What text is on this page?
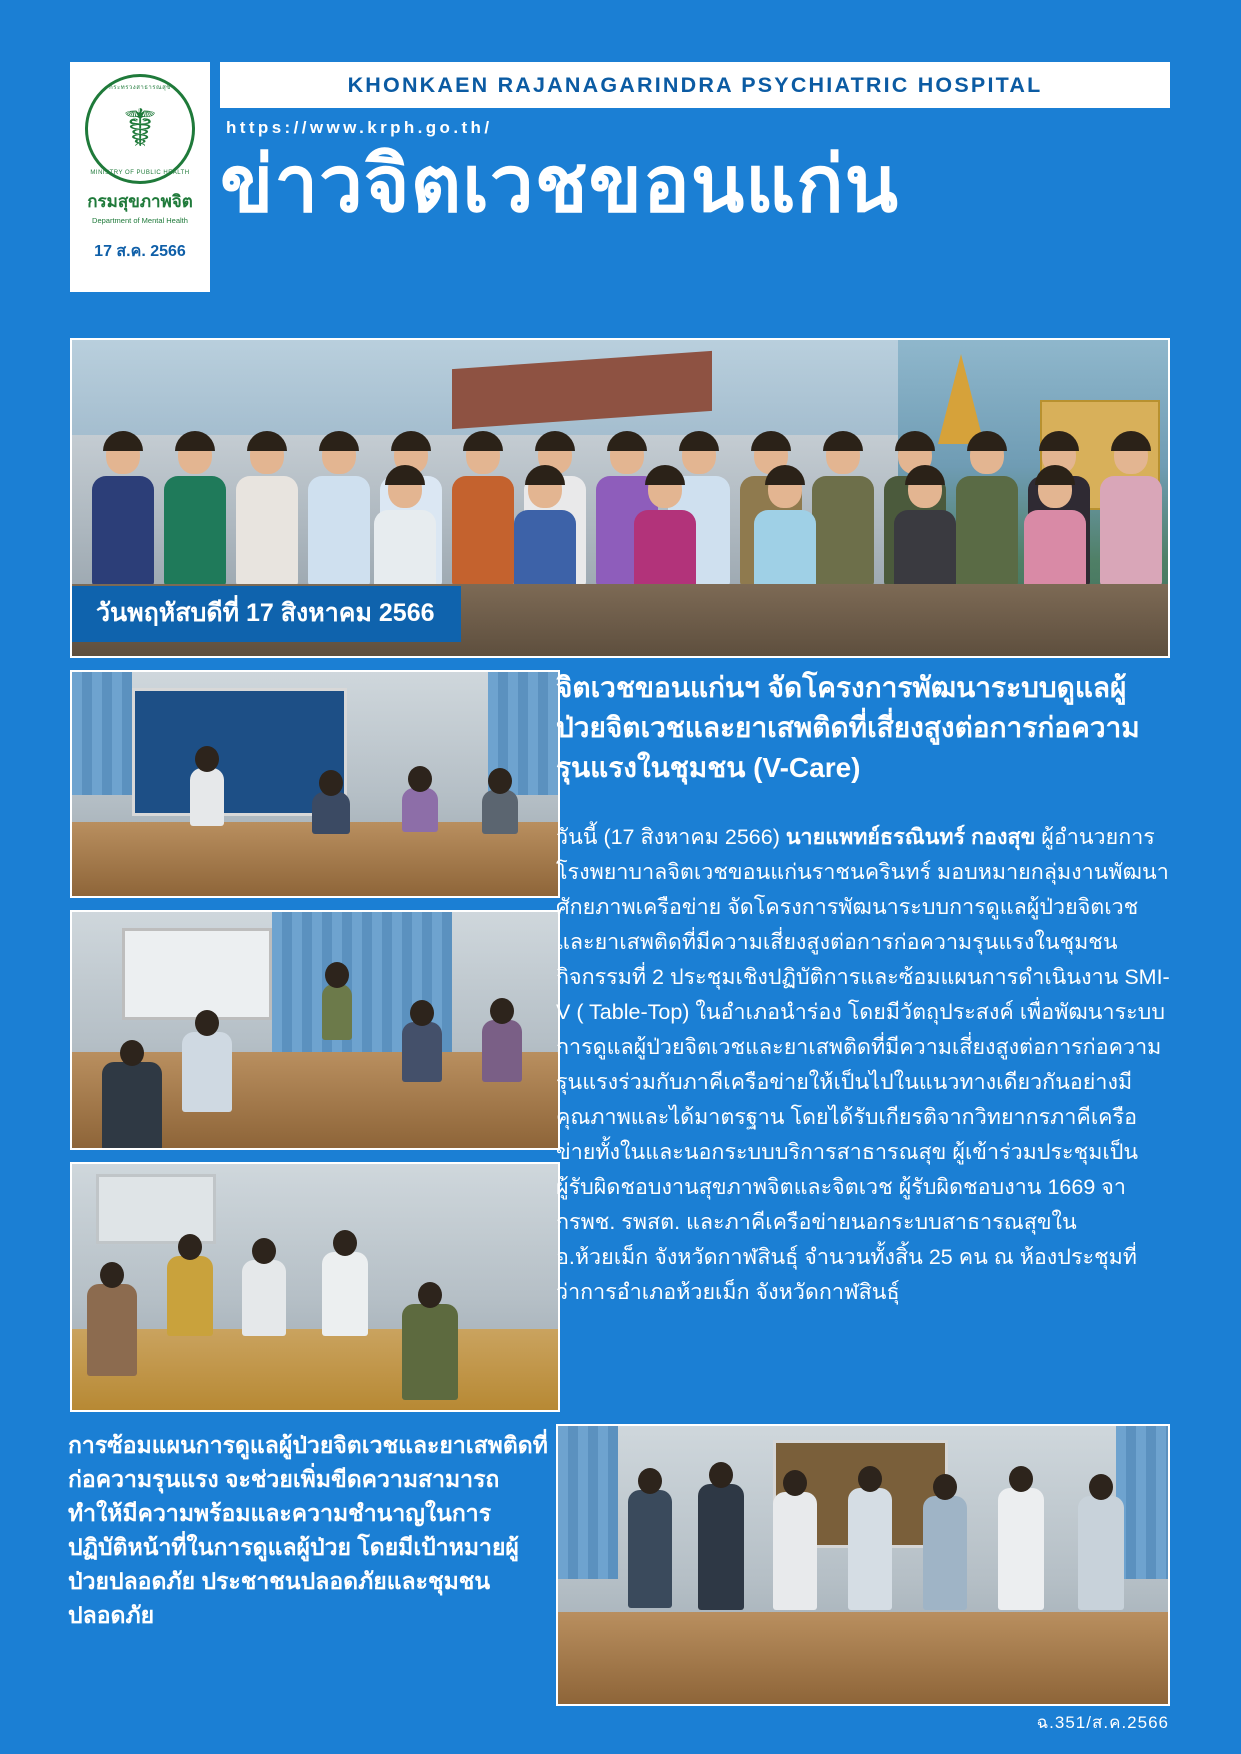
กระทรวงสาธารณสุข
MINISTRY OF PUBLIC HEALTH
☤
กรมสุขภาพจิต
Department of Mental Health
17 ส.ค. 2566
KHONKAEN RAJANAGARINDRA PSYCHIATRIC HOSPITAL
https://www.krph.go.th/
ข่าวจิตเวชขอนแก่น
วันพฤหัสบดีที่ 17 สิงหาคม 2566
จิตเวชขอนแก่นฯ จัดโครงการพัฒนาระบบดูแลผู้ป่วยจิตเวชและยาเสพติดที่เสี่ยงสูงต่อการก่อความรุนแรงในชุมชน (V-Care)
วันนี้ (17 สิงหาคม 2566) นายแพทย์ธรณินทร์ กองสุข ผู้อำนวยการโรงพยาบาลจิตเวชขอนแก่นราชนครินทร์ มอบหมายกลุ่มงานพัฒนาศักยภาพเครือข่าย จัดโครงการพัฒนาระบบการดูแลผู้ป่วยจิตเวชและยาเสพติดที่มีความเสี่ยงสูงต่อการก่อความรุนแรงในชุมชน กิจกรรมที่ 2 ประชุมเชิงปฏิบัติการและซ้อมแผนการดำเนินงาน SMI-V ( Table-Top) ในอำเภอนำร่อง โดยมีวัตถุประสงค์ เพื่อพัฒนาระบบการดูแลผู้ป่วยจิตเวชและยาเสพติดที่มีความเสี่ยงสูงต่อการก่อความรุนแรงร่วมกับภาคีเครือข่ายให้เป็นไปในแนวทางเดียวกันอย่างมีคุณภาพและได้มาตรฐาน โดยได้รับเกียรติจากวิทยากรภาคีเครือข่ายทั้งในและนอกระบบบริการสาธารณสุข ผู้เข้าร่วมประชุมเป็นผู้รับผิดชอบงานสุขภาพจิตและจิตเวช ผู้รับผิดชอบงาน 1669 จากรพช. รพสต. และภาคีเครือข่ายนอกระบบสาธารณสุขใน อ.ห้วยเม็ก จังหวัดกาฬสินธุ์ จำนวนทั้งสิ้น 25 คน ณ ห้องประชุมที่ว่าการอำเภอห้วยเม็ก จังหวัดกาฬสินธุ์
การซ้อมแผนการดูแลผู้ป่วยจิตเวชและยาเสพติดที่ก่อความรุนแรง จะช่วยเพิ่มขีดความสามารถทำให้มีความพร้อมและความชำนาญในการปฏิบัติหน้าที่ในการดูแลผู้ป่วย โดยมีเป้าหมายผู้ป่วยปลอดภัย ประชาชนปลอดภัยและชุมชนปลอดภัย
ฉ.351/ส.ค.2566
